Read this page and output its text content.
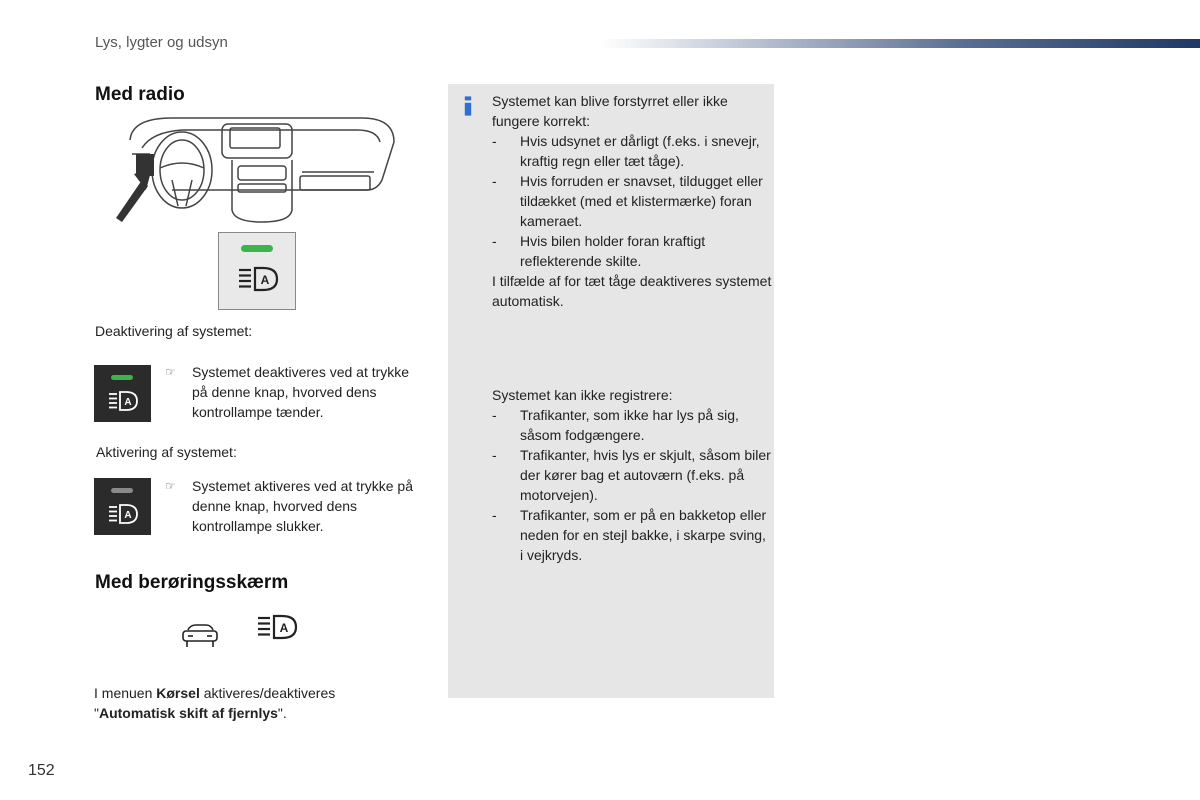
Lys, lygter og udsyn
Med radio
A
Deaktivering af systemet:
A
☞ Systemet deaktiveres ved at trykke på denne knap, hvorved dens kontrollampe tænder.
Aktivering af systemet:
A
☞ Systemet aktiveres ved at trykke på denne knap, hvorved dens kontrollampe slukker.
Med berøringsskærm
A
I menuen Kørsel aktiveres/deaktiveres
"Automatisk skift af fjernlys".
Systemet kan blive forstyrret eller ikke fungere korrekt:
- Hvis udsynet er dårligt (f.eks. i snevejr, kraftig regn eller tæt tåge).
- Hvis forruden er snavset, tildugget eller tildækket (med et klistermærke) foran kameraet.
- Hvis bilen holder foran kraftigt reflekterende skilte.
I tilfælde af for tæt tåge deaktiveres systemet automatisk.
Systemet kan ikke registrere:
- Trafikanter, som ikke har lys på sig, såsom fodgængere.
- Trafikanter, hvis lys er skjult, såsom biler der kører bag et autoværn (f.eks. på motorvejen).
- Trafikanter, som er på en bakketop eller neden for en stejl bakke, i skarpe sving, i vejkryds.
152
